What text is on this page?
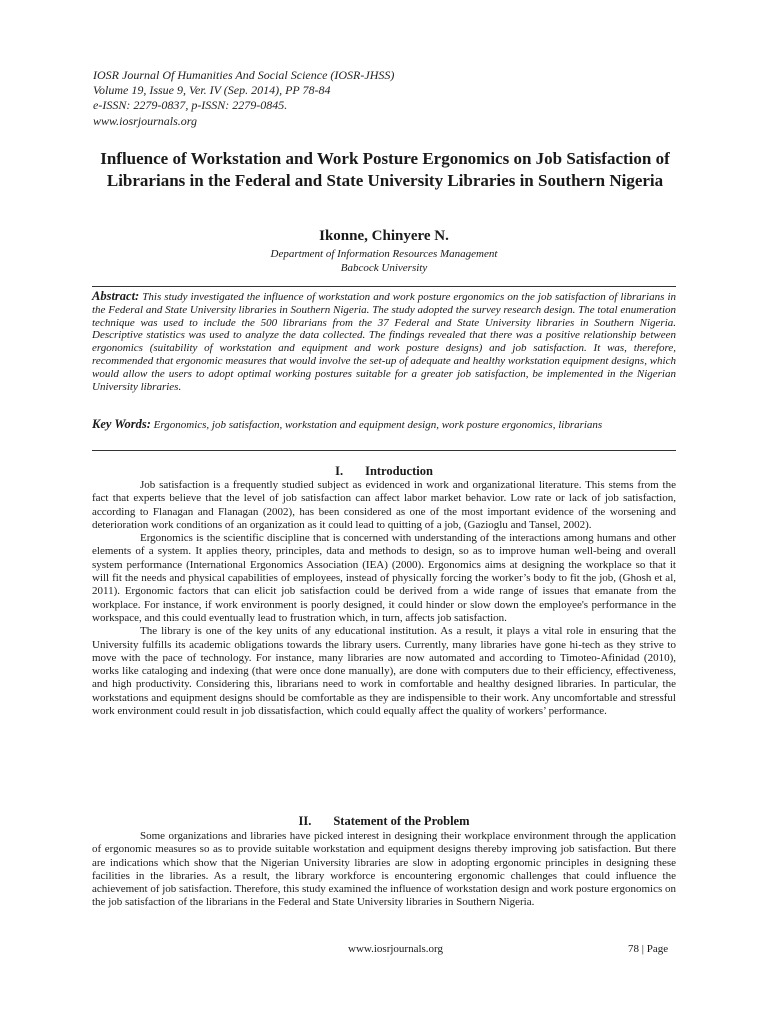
IOSR Journal Of Humanities And Social Science (IOSR-JHSS)
Volume 19, Issue 9, Ver. IV (Sep. 2014), PP 78-84
e-ISSN: 2279-0837, p-ISSN: 2279-0845.
www.iosrjournals.org
Influence of Workstation and Work Posture Ergonomics on Job Satisfaction of Librarians in the Federal and State University Libraries in Southern Nigeria
Ikonne, Chinyere N.
Department of Information Resources Management
Babcock University
Abstract: This study investigated the influence of workstation and work posture ergonomics on the job satisfaction of librarians in the Federal and State University libraries in Southern Nigeria. The study adopted the survey research design. The total enumeration technique was used to include the 500 librarians from the 37 Federal and State University libraries in Southern Nigeria. Descriptive statistics was used to analyze the data collected. The findings revealed that there was a positive relationship between ergonomics (suitability of workstation and equipment and work posture designs) and job satisfaction. It was, therefore, recommended that ergonomic measures that would involve the set-up of adequate and healthy workstation equipment designs, which would allow the users to adopt optimal working postures suitable for a greater job satisfaction, be implemented in the Nigerian University libraries.
Key Words: Ergonomics, job satisfaction, workstation and equipment design, work posture ergonomics, librarians
I. Introduction

Job satisfaction is a frequently studied subject as evidenced in work and organizational literature. This stems from the fact that experts believe that the level of job satisfaction can affect labor market behavior. Low rate or lack of job satisfaction, according to Flanagan and Flanagan (2002), has been considered as one of the most important evidence of the worsening and deterioration work conditions of an organization as it could lead to quitting of a job, (Gazioglu and Tansel, 2002).

Ergonomics is the scientific discipline that is concerned with understanding of the interactions among humans and other elements of a system. It applies theory, principles, data and methods to design, so as to improve human well-being and overall system performance (International Ergonomics Association (IEA) (2000). Ergonomics aims at designing the workplace so that it will fit the needs and physical capabilities of employees, instead of physically forcing the worker’s body to fit the job, (Ghosh et al, 2011). Ergonomic factors that can elicit job satisfaction could be derived from a wide range of issues that emanate from the workplace. For instance, if work environment is poorly designed, it could hinder or slow down the employee's performance in the workspace, and this could eventually lead to frustration which, in turn, affects job satisfaction.

The library is one of the key units of any educational institution. As a result, it plays a vital role in ensuring that the University fulfills its academic obligations towards the library users. Currently, many libraries have gone hi-tech as they strive to move with the pace of technology. For instance, many libraries are now automated and according to Timoteo-Afinidad (2010), works like cataloging and indexing (that were once done manually), are done with computers due to their efficiency, effectiveness, and high productivity. Considering this, librarians need to work in comfortable and healthy designed libraries. In particular, the workstations and equipment designs should be comfortable as they are indispensible to their work. Any uncomfortable and stressful work environment could result in job dissatisfaction, which could equally affect the quality of workers’ performance.

II. Statement of the Problem

Some organizations and libraries have picked interest in designing their workplace environment through the application of ergonomic measures so as to provide suitable workstation and equipment designs thereby improving job satisfaction. But there are indications which show that the Nigerian University libraries are slow in adopting ergonomic principles in designing these facilities in the libraries. As a result, the library workforce is encountering ergonomic challenges that could influence the achievement of job satisfaction. Therefore, this study examined the influence of workstation design and work posture ergonomics on the job satisfaction of the librarians in the Federal and State University libraries in Southern Nigeria.

www.iosrjournals.org	78 | Page
